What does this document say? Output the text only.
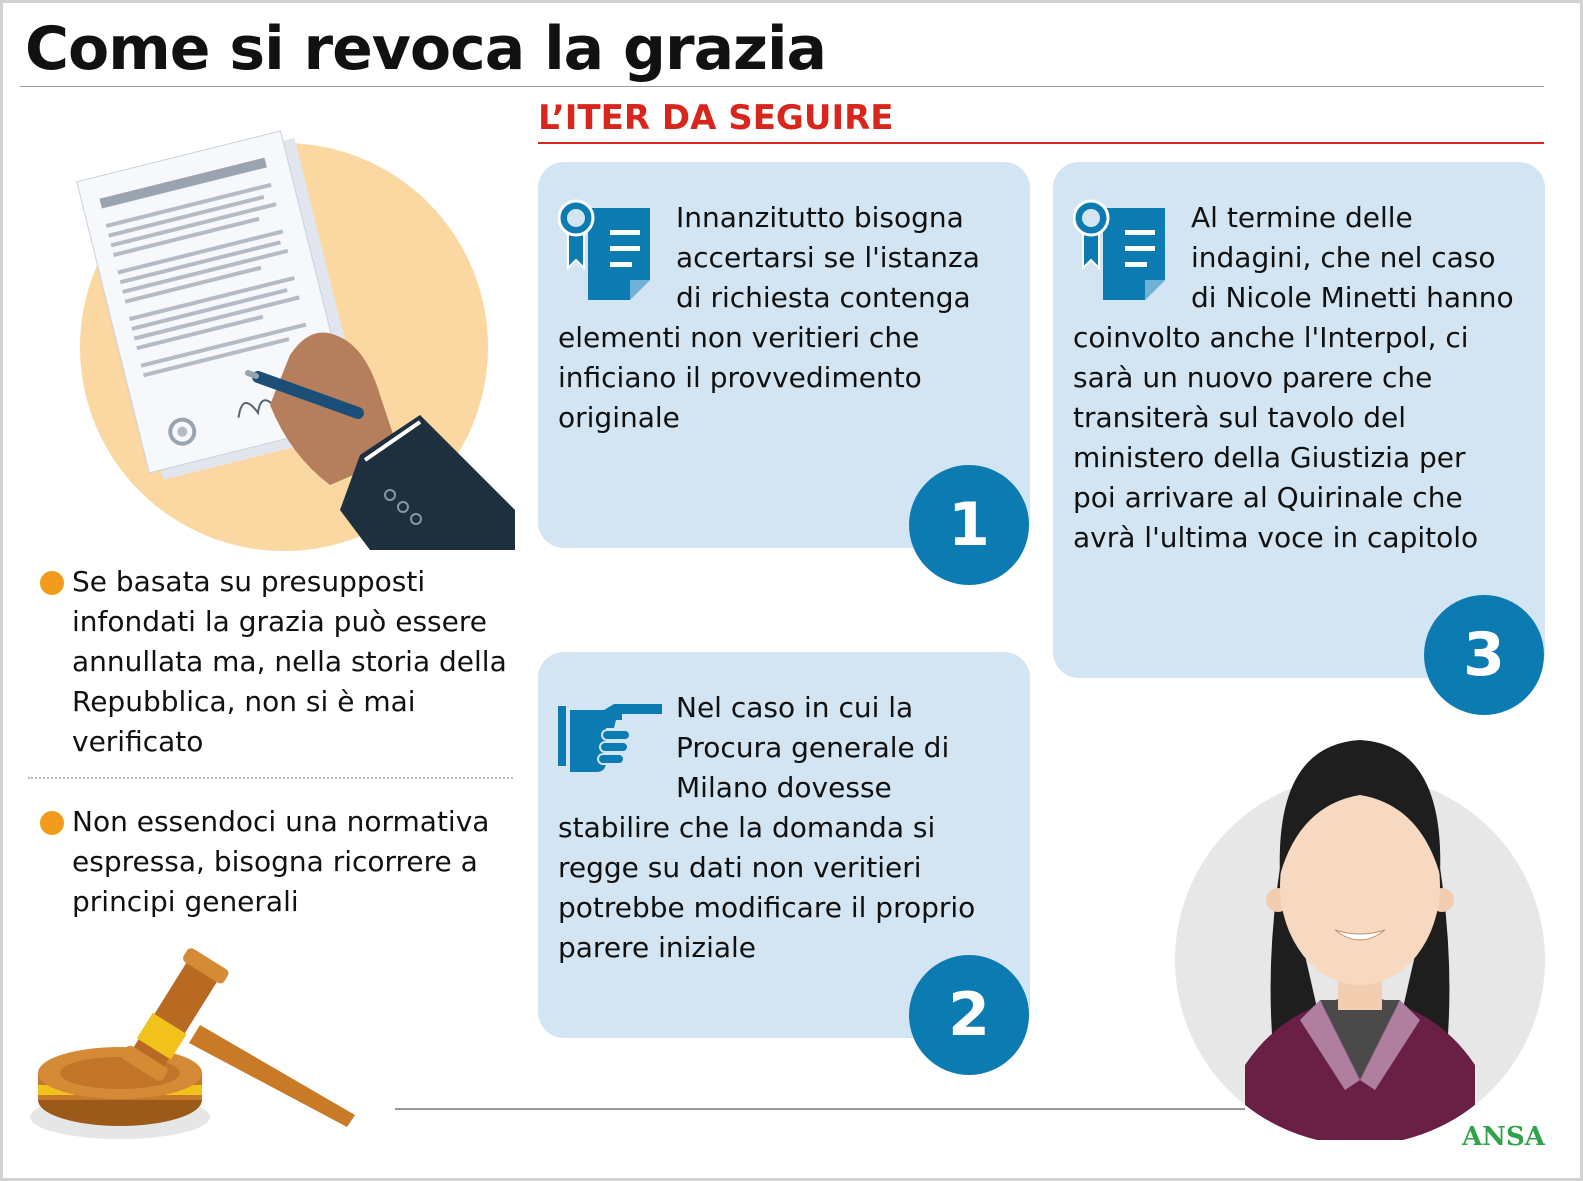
Come si revoca la grazia
L’ITER DA SEGUIRE
Se basata su presupposti infondati la grazia può essere annullata ma, nella storia della Repubblica, non si è mai verificato
Non essendoci una normativa espressa, bisogna ricorrere a principi generali
Innanzitutto bisogna accertarsi se l'istanza di richiesta contenga elementi non veritieri che inficiano il provvedimento originale
1
Nel caso in cui la Procura generale di Milano dovesse stabilire che la domanda si regge su dati non veritieri potrebbe modificare il proprio parere iniziale
2
Al termine delle indagini, che nel caso di Nicole Minetti hanno coinvolto anche l'Interpol, ci sarà un nuovo parere che transiterà sul tavolo del ministero della Giustizia per poi arrivare al Quirinale che avrà l'ultima voce in capitolo
3
ANSA
